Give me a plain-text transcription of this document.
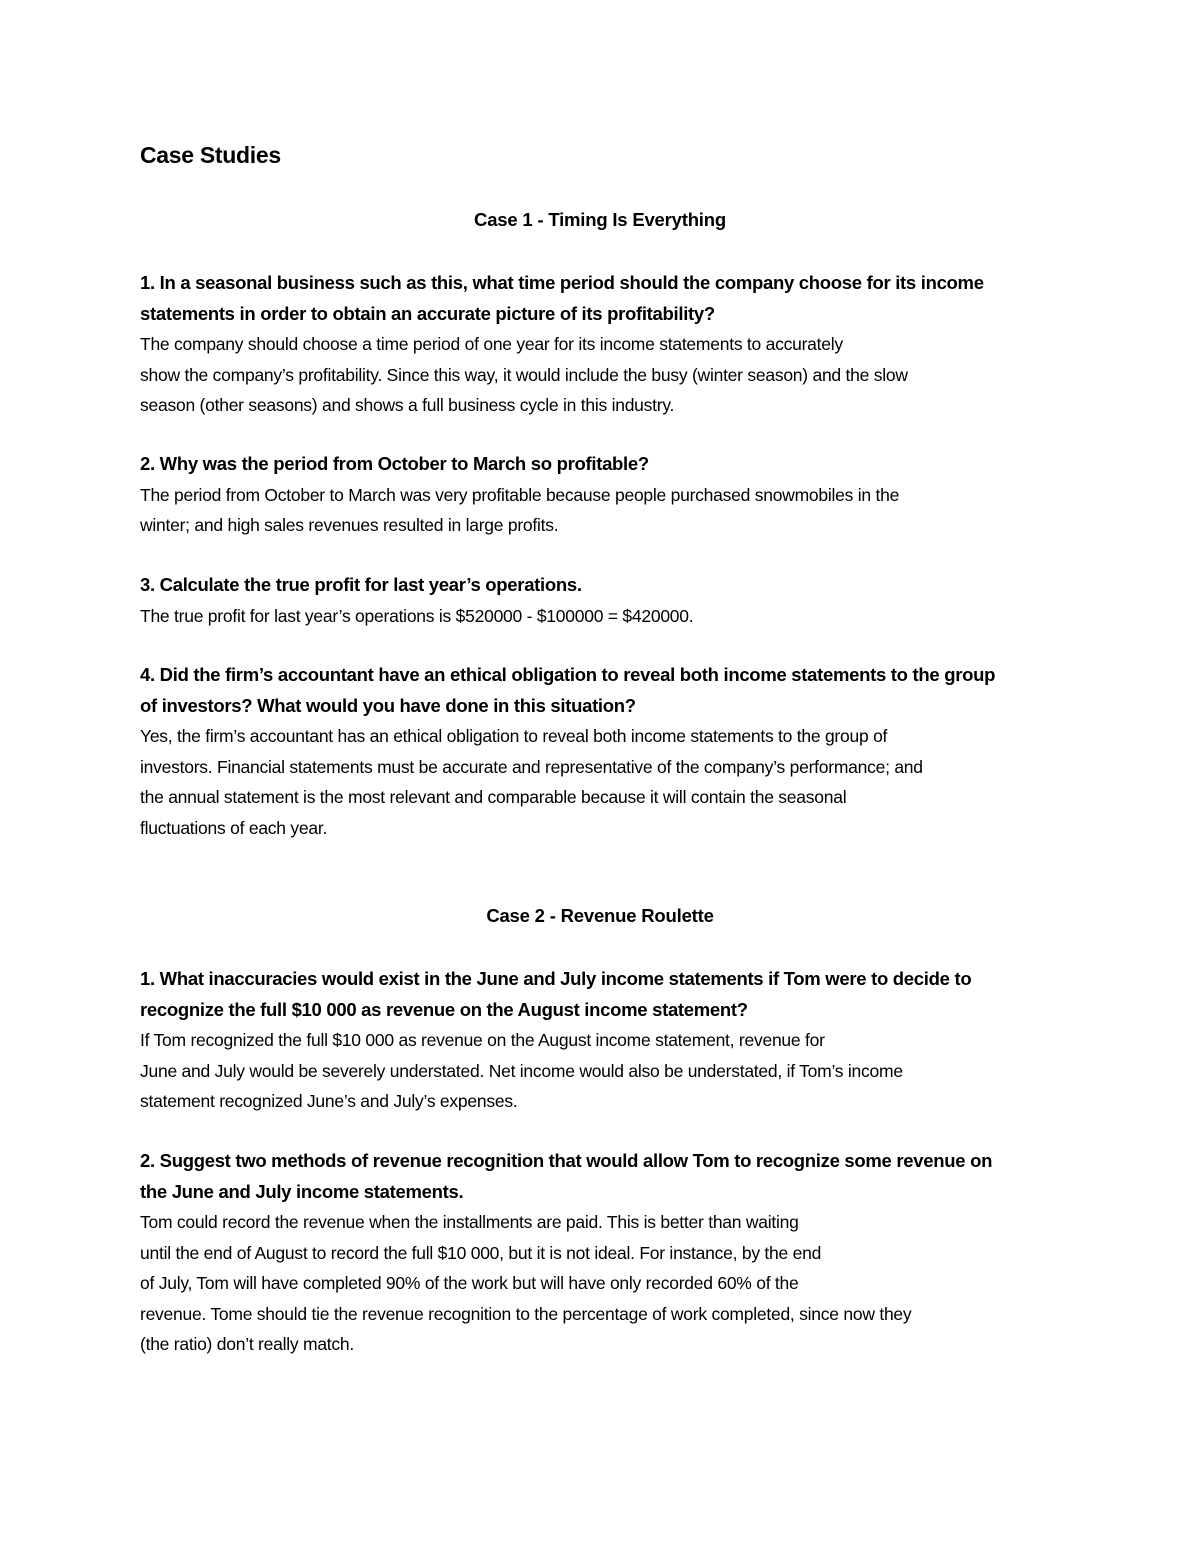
Case Studies
Case 1 - Timing Is Everything

1. In a seasonal business such as this, what time period should the company choose for its income
statements in order to obtain an accurate picture of its profitability?

The company should choose a time period of one year for its income statements to accurately
show the company’s profitability. Since this way, it would include the busy (winter season) and the slow
season (other seasons) and shows a full business cycle in this industry.

2. Why was the period from October to March so profitable?

The period from October to March was very profitable because people purchased snowmobiles in the
winter; and high sales revenues resulted in large profits.

3. Calculate the true profit for last year’s operations.

The true profit for last year’s operations is $520000 - $100000 = $420000.

4. Did the firm’s accountant have an ethical obligation to reveal both income statements to the group
of investors? What would you have done in this situation?

Yes, the firm’s accountant has an ethical obligation to reveal both income statements to the group of
investors. Financial statements must be accurate and representative of the company’s performance; and
the annual statement is the most relevant and comparable because it will contain the seasonal
fluctuations of each year.

Case 2 - Revenue Roulette

1. What inaccuracies would exist in the June and July income statements if Tom were to decide to
recognize the full $10 000 as revenue on the August income statement?

If Tom recognized the full $10 000 as revenue on the August income statement, revenue for
June and July would be severely understated. Net income would also be understated, if Tom’s income
statement recognized June’s and July’s expenses.

2. Suggest two methods of revenue recognition that would allow Tom to recognize some revenue on
the June and July income statements.

Tom could record the revenue when the installments are paid. This is better than waiting
until the end of August to record the full $10 000, but it is not ideal. For instance, by the end
of July, Tom will have completed 90% of the work but will have only recorded 60% of the
revenue. Tome should tie the revenue recognition to the percentage of work completed, since now they
(the ratio) don’t really match.
